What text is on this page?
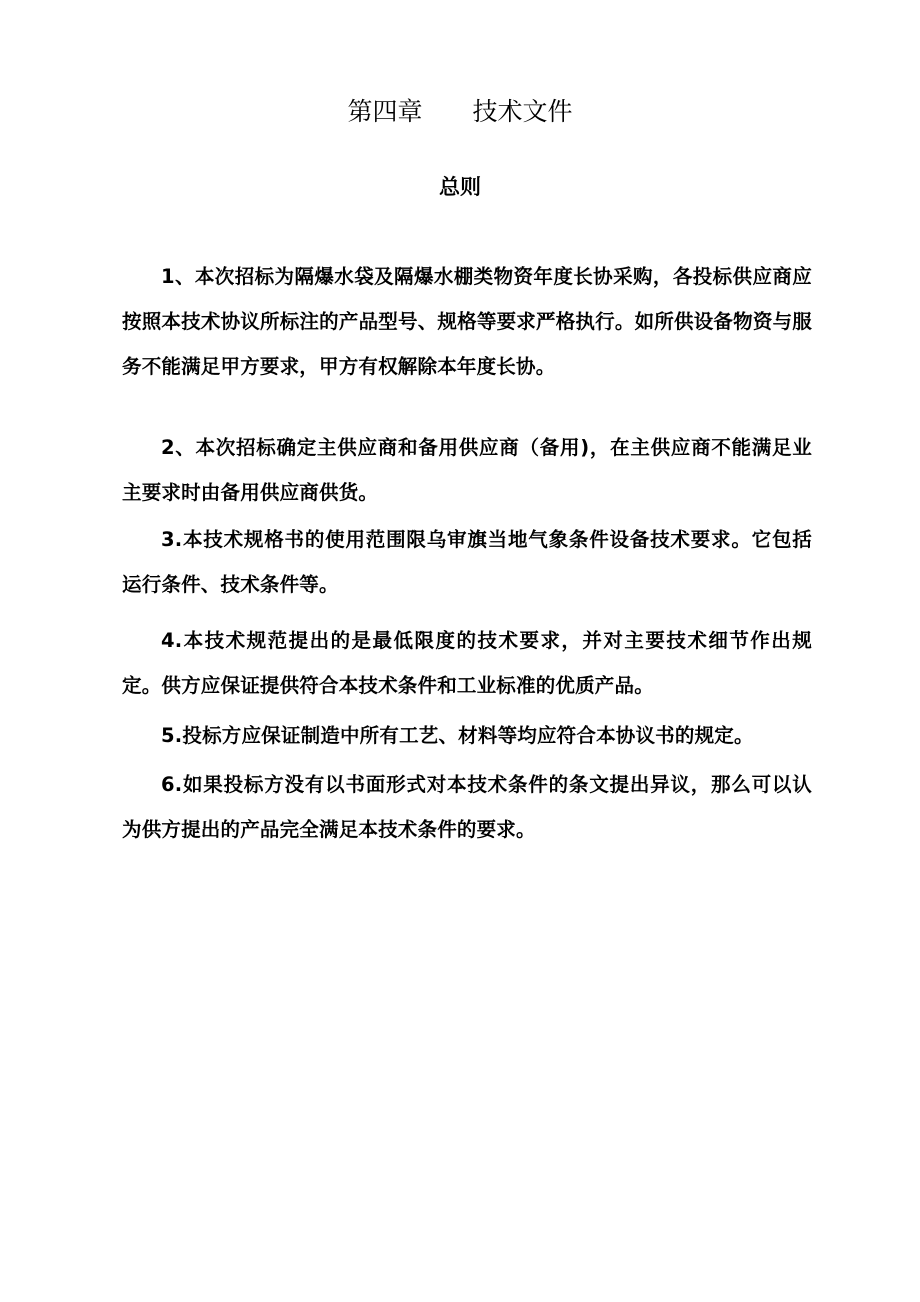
第四章　　技术文件
总则

1、本次招标为隔爆水袋及隔爆水棚类物资年度长协采购，各投标供应商应按照本技术协议所标注的产品型号、规格等要求严格执行。如所供设备物资与服务不能满足甲方要求，甲方有权解除本年度长协。

2、本次招标确定主供应商和备用供应商（备用)，在主供应商不能满足业主要求时由备用供应商供货。

3.本技术规格书的使用范围限乌审旗当地气象条件设备技术要求。它包括运行条件、技术条件等。

4.本技术规范提出的是最低限度的技术要求，并对主要技术细节作出规定。供方应保证提供符合本技术条件和工业标准的优质产品。

5.投标方应保证制造中所有工艺、材料等均应符合本协议书的规定。

6.如果投标方没有以书面形式对本技术条件的条文提出异议，那么可以认为供方提出的产品完全满足本技术条件的要求。
